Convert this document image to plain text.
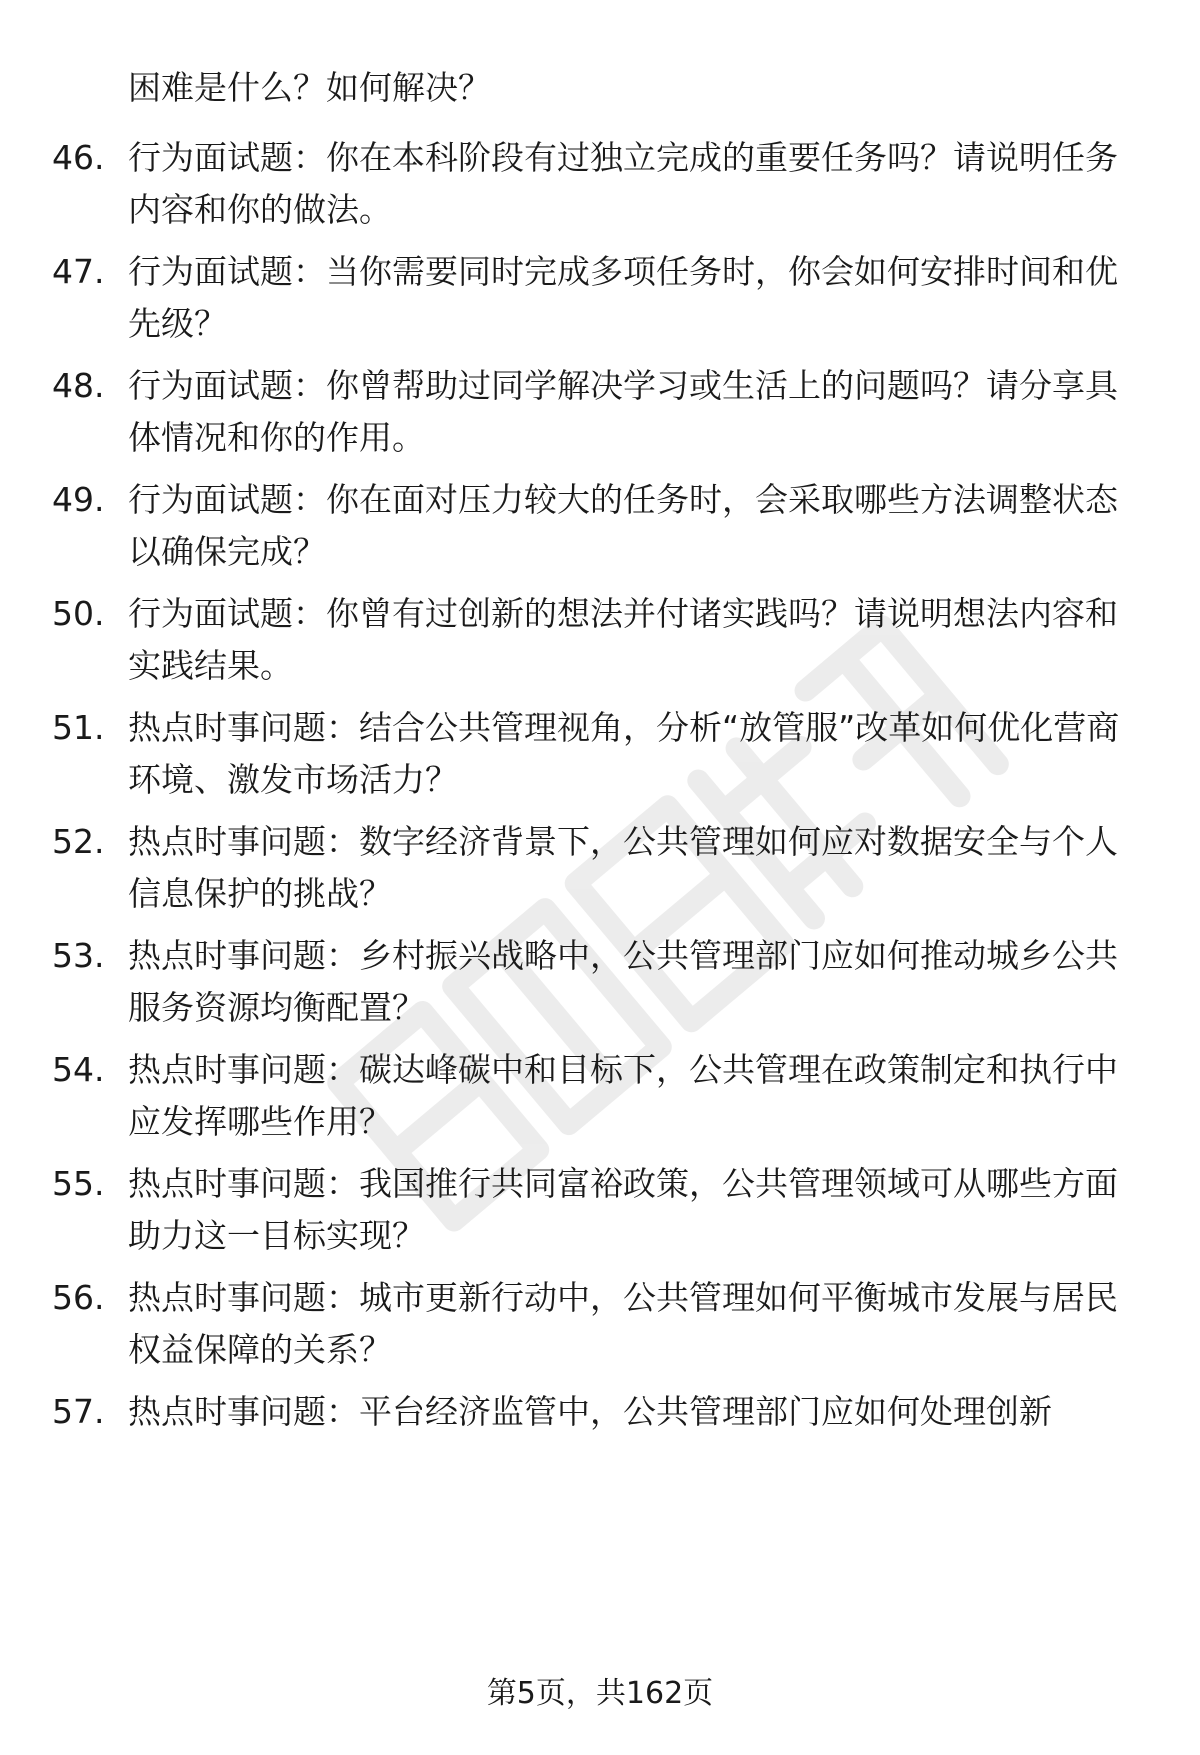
困难是什么？如何解决？
46. 行为面试题：你在本科阶段有过独立完成的重要任务吗？请说明任务内容和你的做法。
47. 行为面试题：当你需要同时完成多项任务时，你会如何安排时间和优先级？
48. 行为面试题：你曾帮助过同学解决学习或生活上的问题吗？请分享具体情况和你的作用。
49. 行为面试题：你在面对压力较大的任务时，会采取哪些方法调整状态以确保完成？
50. 行为面试题：你曾有过创新的想法并付诸实践吗？请说明想法内容和实践结果。
51. 热点时事问题：结合公共管理视角，分析“放管服”改革如何优化营商环境、激发市场活力？
52. 热点时事问题：数字经济背景下，公共管理如何应对数据安全与个人信息保护的挑战？
53. 热点时事问题：乡村振兴战略中，公共管理部门应如何推动城乡公共服务资源均衡配置？
54. 热点时事问题：碳达峰碳中和目标下，公共管理在政策制定和执行中应发挥哪些作用？
55. 热点时事问题：我国推行共同富裕政策，公共管理领域可从哪些方面助力这一目标实现？
56. 热点时事问题：城市更新行动中，公共管理如何平衡城市发展与居民权益保障的关系？
57. 热点时事问题：平台经济监管中，公共管理部门应如何处理创新
第5页，共162页
